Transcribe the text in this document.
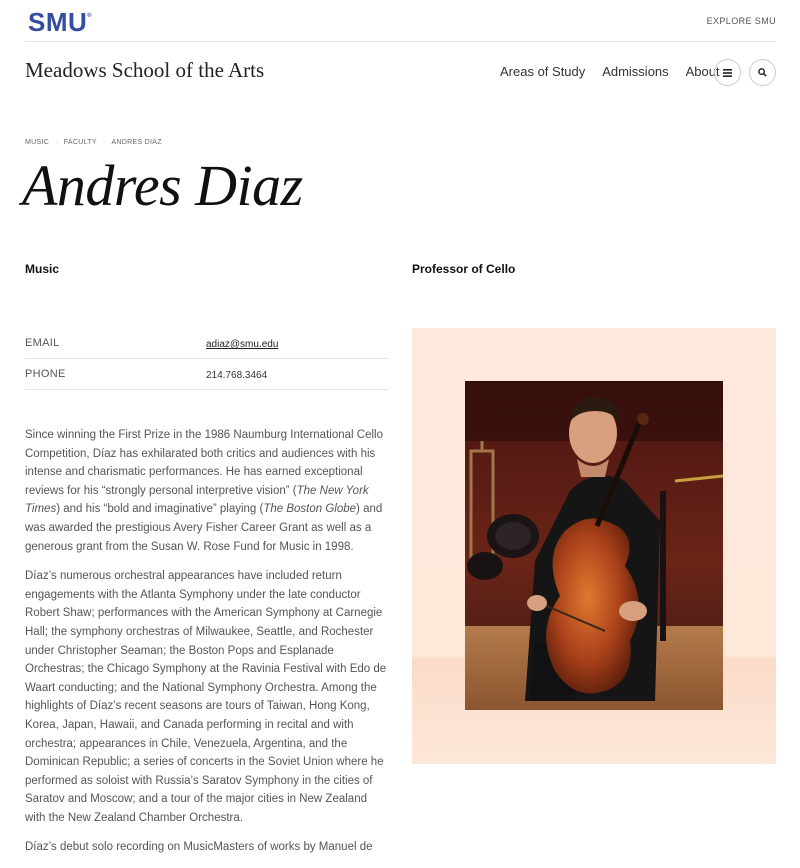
SMU®	EXPLORE SMU
Meadows School of the Arts	Areas of Study Admissions About
MUSIC · FACULTY · ANDRES DIAZ
Andres Diaz
Music	Professor of Cello
EMAIL	adiaz@smu.edu
PHONE	214.768.3464

Since winning the First Prize in the 1986 Naumburg International Cello Competition, Díaz has exhilarated both critics and audiences with his intense and charismatic performances. He has earned exceptional reviews for his “strongly personal interpretive vision” (The New York Times) and his “bold and imaginative” playing (The Boston Globe) and was awarded the prestigious Avery Fisher Career Grant as well as a generous grant from the Susan W. Rose Fund for Music in 1998.

Díaz’s numerous orchestral appearances have included return engagements with the Atlanta Symphony under the late conductor Robert Shaw; performances with the American Symphony at Carnegie Hall; the symphony orchestras of Milwaukee, Seattle, and Rochester under Christopher Seaman; the Boston Pops and Esplanade Orchestras; the Chicago Symphony at the Ravinia Festival with Edo de Waart conducting; and the National Symphony Orchestra. Among the highlights of Díaz’s recent seasons are tours of Taiwan, Hong Kong, Korea, Japan, Hawaii, and Canada performing in recital and with orchestra; appearances in Chile, Venezuela, Argentina, and the Dominican Republic; a series of concerts in the Soviet Union where he performed as soloist with Russia’s Saratov Symphony in the cities of Saratov and Moscow; and a tour of the major cities in New Zealand with the New Zealand Chamber Orchestra.

Díaz’s debut solo recording on MusicMasters of works by Manuel de
